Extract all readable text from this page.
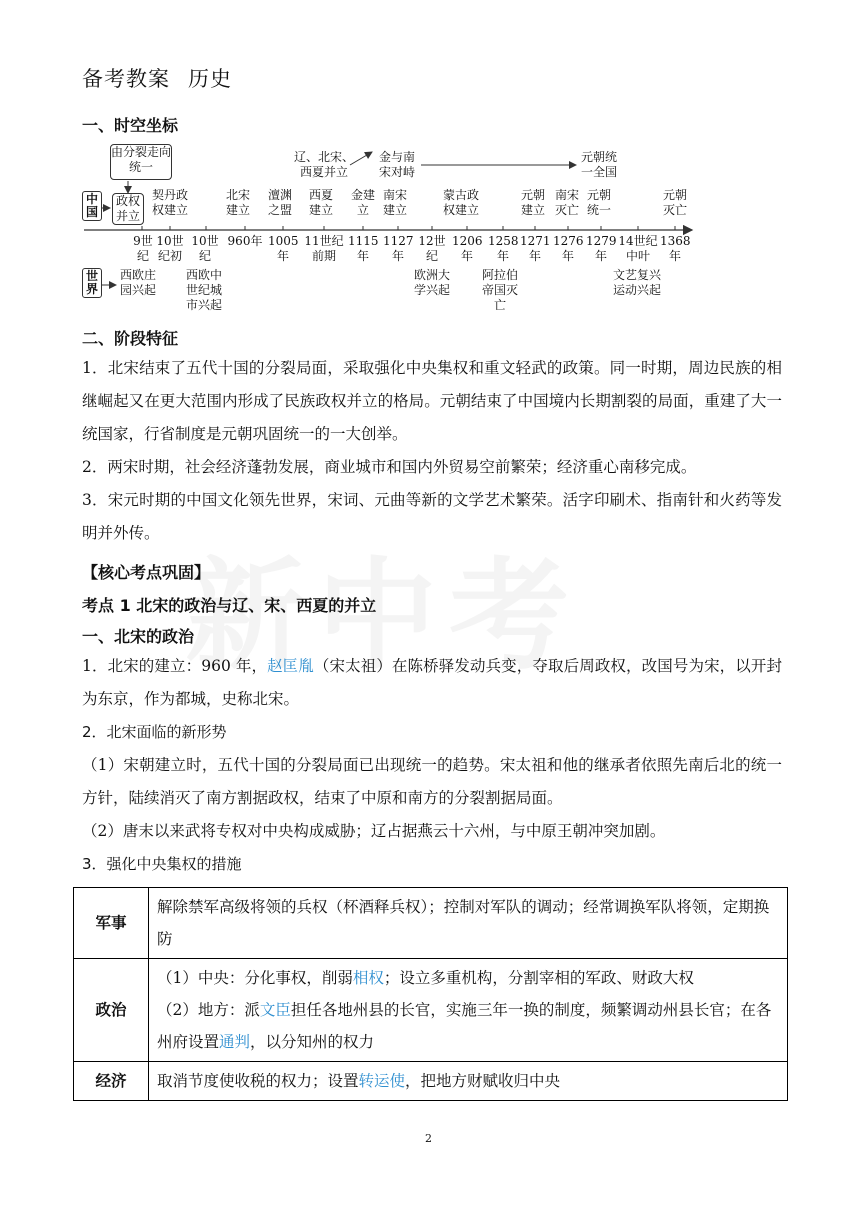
备考教案 历史
一、时空坐标
由分裂走向统一
政权并立
中国
世界
辽、北宋、西夏并立
金与南宋对峙
元朝统一全国
契丹政权建立
北宋建立
澶渊之盟
西夏建立
金建立
南宋建立
蒙古政权建立
元朝建立
南宋灭亡
元朝统一
元朝灭亡
9世纪
10世纪初
10世纪
960年 1005年
11世纪前期
1115年
1127年
12世纪
1206年
1258年
1271年
1276年
1279年
14世纪中叶
1368年
西欧庄园兴起
西欧中世纪城市兴起
欧洲大学兴起
阿拉伯帝国灭亡
文艺复兴运动兴起
二、阶段特征
1．北宋结束了五代十国的分裂局面，采取强化中央集权和重文轻武的政策。同一时期，周边民族的相继崛起又在更大范围内形成了民族政权并立的格局。元朝结束了中国境内长期割裂的局面，重建了大一统国家，行省制度是元朝巩固统一的一大创举。
2．两宋时期，社会经济蓬勃发展，商业城市和国内外贸易空前繁荣；经济重心南移完成。
3．宋元时期的中国文化领先世界，宋词、元曲等新的文学艺术繁荣。活字印刷术、指南针和火药等发明并外传。
【核心考点巩固】
考点 1 北宋的政治与辽、宋、西夏的并立
一、北宋的政治
1．北宋的建立：960 年，赵匡胤（宋太祖）在陈桥驿发动兵变，夺取后周政权，改国号为宋，以开封为东京，作为都城，史称北宋。
2．北宋面临的新形势
（1）宋朝建立时，五代十国的分裂局面已出现统一的趋势。宋太祖和他的继承者依照先南后北的统一方针，陆续消灭了南方割据政权，结束了中原和南方的分裂割据局面。
（2）唐末以来武将专权对中央构成威胁；辽占据燕云十六州，与中原王朝冲突加剧。
3．强化中央集权的措施
军事	解除禁军高级将领的兵权（杯酒释兵权）；控制对军队的调动；经常调换军队将领，定期换防
政治	（1）中央：分化事权，削弱相权；设立多重机构，分割宰相的军政、财政大权
（2）地方：派文臣担任各地州县的长官，实施三年一换的制度，频繁调动州县长官；在各州府设置通判，以分知州的权力

经济	取消节度使收税的权力；设置转运使，把地方财赋收归中央
2
